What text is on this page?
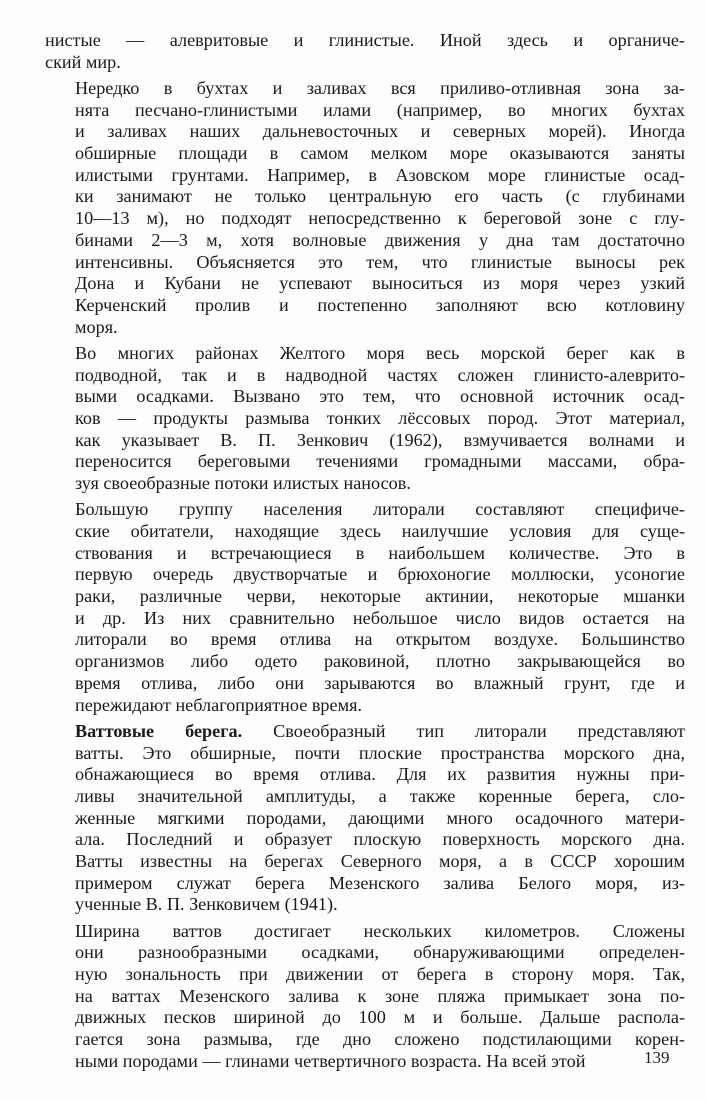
нистые — алевритовые и глинистые. Иной здесь и органиче-
ский мир.
Нередко в бухтах и заливах вся приливо-отливная зона за-
нята песчано-глинистыми илами (например, во многих бухтах
и заливах наших дальневосточных и северных морей). Иногда
обширные площади в самом мелком море оказываются заняты
илистыми грунтами. Например, в Азовском море глинистые осад-
ки занимают не только центральную его часть (с глубинами
10—13 м), но подходят непосредственно к береговой зоне с глу-
бинами 2—3 м, хотя волновые движения у дна там достаточно
интенсивны. Объясняется это тем, что глинистые выносы рек
Дона и Кубани не успевают выноситься из моря через узкий
Керченский пролив и постепенно заполняют всю котловину
моря.
Во многих районах Желтого моря весь морской берег как в
подводной, так и в надводной частях сложен глинисто-алеврито-
выми осадками. Вызвано это тем, что основной источник осад-
ков — продукты размыва тонких лёссовых пород. Этот материал,
как указывает В. П. Зенкович (1962), взмучивается волнами и
переносится береговыми течениями громадными массами, обра-
зуя своеобразные потоки илистых наносов.
Большую группу населения литорали составляют специфиче-
ские обитатели, находящие здесь наилучшие условия для суще-
ствования и встречающиеся в наибольшем количестве. Это в
первую очередь двустворчатые и брюхоногие моллюски, усоногие
раки, различные черви, некоторые актинии, некоторые мшанки
и др. Из них сравнительно небольшое число видов остается на
литорали во время отлива на открытом воздухе. Большинство
организмов либо одето раковиной, плотно закрывающейся во
время отлива, либо они зарываются во влажный грунт, где и
пережидают неблагоприятное время.
Ваттовые берега. Своеобразный тип литорали представляют
ватты. Это обширные, почти плоские пространства морского дна,
обнажающиеся во время отлива. Для их развития нужны при-
ливы значительной амплитуды, а также коренные берега, сло-
женные мягкими породами, дающими много осадочного матери-
ала. Последний и образует плоскую поверхность морского дна.
Ватты известны на берегах Северного моря, а в СССР хорошим
примером служат берега Мезенского залива Белого моря, из-
ученные В. П. Зенковичем (1941).
Ширина ваттов достигает нескольких километров. Сложены
они разнообразными осадками, обнаруживающими определен-
ную зональность при движении от берега в сторону моря. Так,
на ваттах Мезенского залива к зоне пляжа примыкает зона по-
движных песков шириной до 100 м и больше. Дальше распола-
гается зона размыва, где дно сложено подстилающими корен-
ными породами — глинами четвертичного возраста. На всей этой	139
